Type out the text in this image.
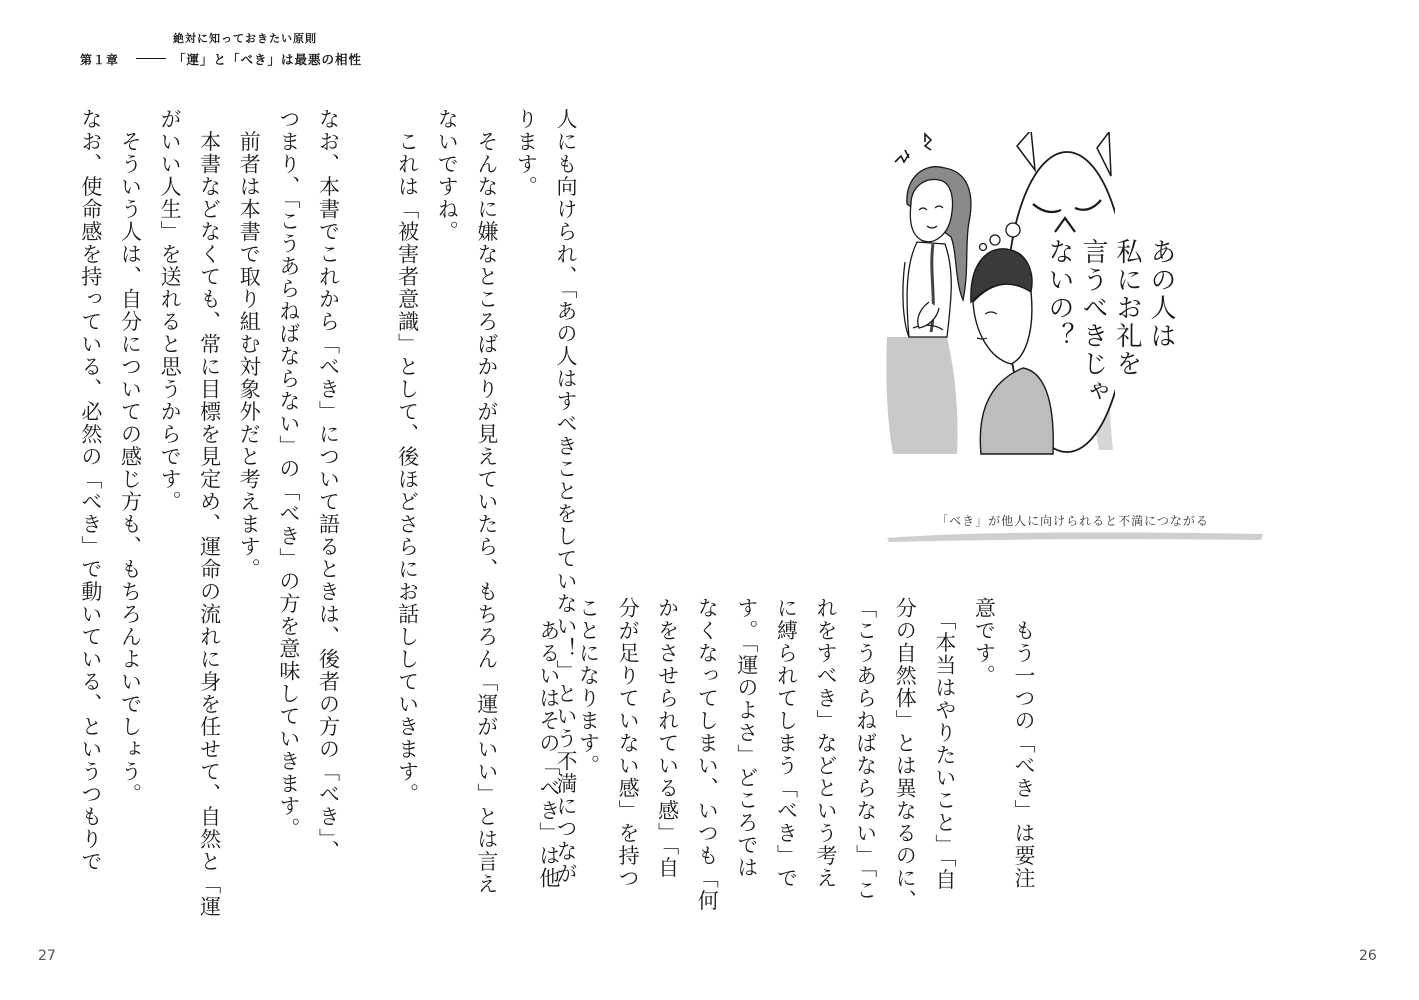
絶対に知っておきたい原則
第１章	「運」と「べき」は最悪の相性
人にも向けられ、「あの人はすべきことをしていない！」という不満につなが
ります。
　そんなに嫌なところばかりが見えていたら、もちろん「運がいい」とは言え
ないですね。
　これは「被害者意識」として、後ほどさらにお話ししていきます。

なお、本書でこれから「べき」について語るときは、後者の方の「べき」、
つまり、「こうあらねばならない」の「べき」の方を意味していきます。
　前者は本書で取り組む対象外だと考えます。
　本書などなくても、常に目標を見定め、運命の流れに身を任せて、自然と「運
がいい人生」を送れると思うからです。
　そういう人は、自分についての感じ方も、もちろんよいでしょう。
なお、使命感を持っている、必然の「べき」で動いている、というつもりで
27
あの人は
私にお礼を
言うべきじゃ
ないの？
「べき」が他人に向けられると不満につながる
　もう一つの「べき」は要注
意です。
　「本当はやりたいこと」「自
分の自然体」とは異なるのに、
「こうあらねばならない」「こ
れをすべき」などという考え
に縛られてしまう「べき」で
す。「運のよさ」どころでは
なくなってしまい、いつも「何
かをさせられている感」「自
分が足りていない感」を持つ
ことになります。
　あるいはその「べき」は他
26
